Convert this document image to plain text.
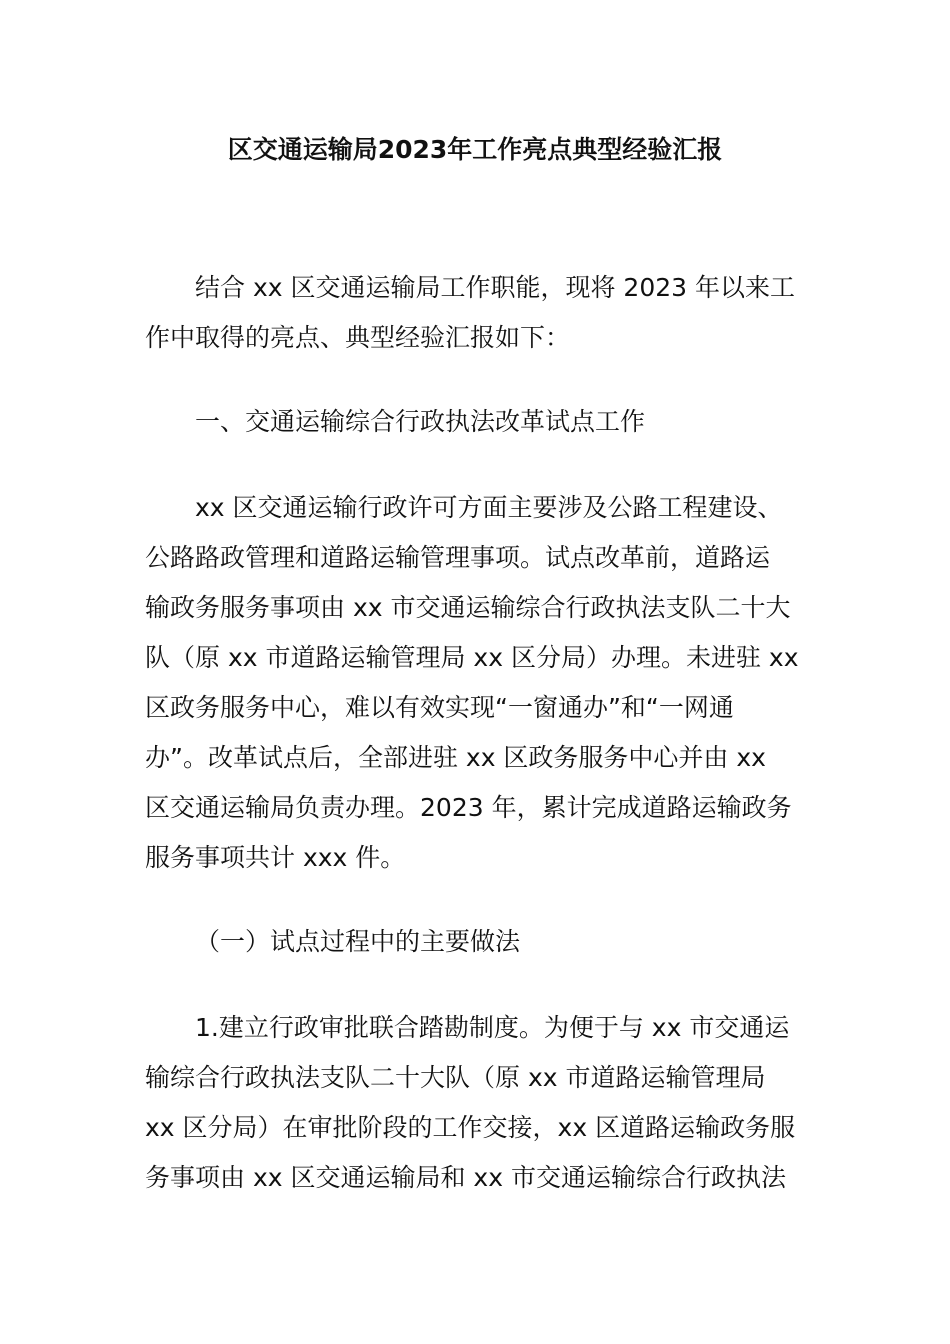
区交通运输局2023年工作亮点典型经验汇报
结合 xx 区交通运输局工作职能，现将 2023 年以来工
作中取得的亮点、典型经验汇报如下：
一、交通运输综合行政执法改革试点工作
xx 区交通运输行政许可方面主要涉及公路工程建设、
公路路政管理和道路运输管理事项。试点改革前，道路运
输政务服务事项由 xx 市交通运输综合行政执法支队二十大
队（原 xx 市道路运输管理局 xx 区分局）办理。未进驻 xx
区政务服务中心，难以有效实现“一窗通办”和“一网通
办”。改革试点后，全部进驻 xx 区政务服务中心并由 xx
区交通运输局负责办理。2023 年，累计完成道路运输政务
服务事项共计 xxx 件。
（一）试点过程中的主要做法
1.建立行政审批联合踏勘制度。为便于与 xx 市交通运
输综合行政执法支队二十大队（原 xx 市道路运输管理局
xx 区分局）在审批阶段的工作交接，xx 区道路运输政务服
务事项由 xx 区交通运输局和 xx 市交通运输综合行政执法
